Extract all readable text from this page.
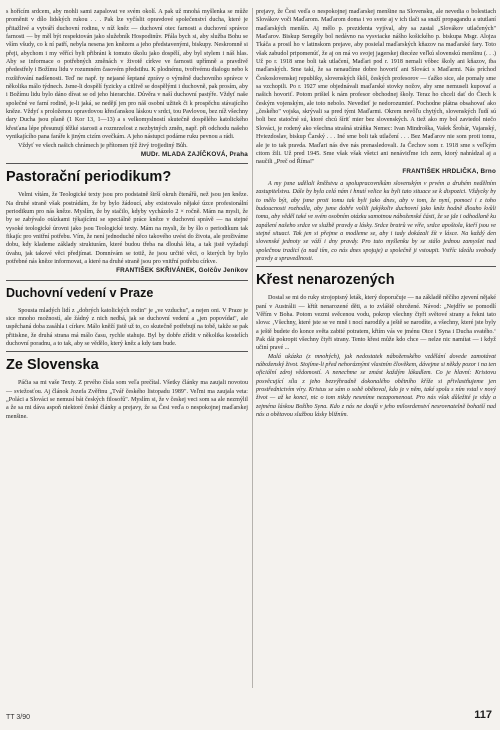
s hořícím srdcem, aby mohli sami zapalovat ve svém okolí. A pak už mnohá myšlenka se může proměnit v dílo lidských rukou . . . Pak lze vyčíslit opravdové společenství ducha, které je přitažlivé a vytváří duchovní rodinu, v níž kněz — duchovní otec farnosti a duchovní správce farnosti — by měl být respektován jako služebník Hospodinův. Přála bych si, aby služba Bohu se vším všudy, co k ní patří, nebyla nesena jen knězem a jeho představenými, biskupy. Neskromně si přeji, abychom i my věřící byli přibráni k tomuto úkolu jako dospělí, aby byl stylem i náš hlas. Aby se informace o potřebných změnách v životě církve ve farnosti upřímně a pravdivě předestřely i Božímu lidu v rozumném časovém předstihu. K plodnému, tvořivému dialogu nebo k rozšiřování nadšenosti. Teď ne např. ty nejasné šeptané zprávy o výměně duchovního správce v několika málo týdnech. Jsme-li dospělí fyzicky a citlivě se dospělými i duchovně, pak prosím, aby i Božímu lidu bylo dáno dívat se od jeho hierarchie. Důvěra v naší duchovní pastýře. Vždyť naše společné ve farní rodině, je-li jaká, se nedějí jen pro náš osobní užitek či k prospěchu stávajícího kněze. Vždyť s proloženou opravdovou křesťanskou láskou v srdci, tou Pavlovou, bez níž všechny dary Ducha jsou planě (1 Kor 13, 1—13) a s velkomyslností skutečně dospělého katolického křesťana lépe přesunují těžké starosti a rozmrzelost z nezbytných změn, např. při odchodu našeho vynikajícího pana faráře k jiným cizím ovečkám. A jeho nástupci podáme ruku pevnou a rádi.

Vždyť ve všech našich chrámech je přítomen týž živý trojjediný Bůh.

MUDr. MLADA ZAJÍČKOVÁ, Praha
Pastorační periodikum?

Velmi vítám, že Teologické texty jsou pro podstatně širší okruh čtenářů, než jsou jen kněze. Na druhé straně však postrádám, že by bylo žádoucí, aby existovalo nějaké úzce profesionální periodikum pro nás kněze. Myslím, že by stačilo, kdyby vycházelo 2 × ročně. Mám na mysli, že by se zabývalo otázkami týkajícími se speciálně práce kněze v duchovní správě — na stejné vysoké teologické úrovni jako jsou Teologické texty. Mám na mysli, že by šlo o periodikum tak fikajíc pro vnitřní potřebu. Vím, že není jednoduché něco takového uvést do života, ale proživáme dobu, kdy klademe základy strukturám, které budou třeba na dlouhá léta, a tak jistě vyžadují úvahu, jak takové věci předjímat. Domnívám se totiž, že jsou určité věci, o kterých by bylo potřebné nás kněze informovat, a které na druhé straně jsou pro vnitřní potřebu církve.

FRANTIŠEK SKŘIVÁNEK, Golčův Jeníkov
Duchovní vedení v Praze

Spousta mladých lidí z „dobrých katolických rodin" je „ve vzduchu", a nejen oni. V Praze je sice mnoho možností, ale žádný z nich nedbá, jak se duchovní vedení a „jen popovídat", ale uspěchaná doba zasáhla i církev. Málo kněží jistě už to, co skutečně potřebují na tobě, takže se pak přitiskne, že druhá strana má málo času, rychle stahuje. Byl by dobře zřídit v několika kostelích duchovní poradnu, a to tak, aby se vědělo, který kněz a kdy tam bude.

Ze Slovenska

Páčia sa mi vaše Texty. Z prvého čísla som veľa prečítal. Všetky články ma zaujali novotou — sviežosťou. Aj článok Jozefa Zvěřinu „Tvář českého listopadu 1989". Veľmi ma zaujala veta: „Poláci a Slováci se nemusí bát českých filosofů". Myslím si, že v českej veci som sa ale nezmýlil a že sa mi dáva aspoň niektoré české články a prejavy, že sa Česi veďa o nespokojnej maďarskej menšine.

prejavy, že Česi veďa o nespokojnej maďarskej menšine na Slovensku, ale nevedia o bolestiach Slovákov voči Maďarom. Maďarom doma i vo svete aj v ich tlači sa snaží propagandu a ututlaní maďarských menšín. Aj mělo p. prezidenta vyjíval, aby sa zastal „Slovákov utlačených" Maďarov. Biskup Seregély bol nedávno na vysviacke nášho košického p. biskupa Msgr. Alojza Tkáča a prosil ho v latinskom prejave, aby posielal maďarských kňazov na maďarské fary. Toto však zabudol pripomenúť, že aj on má vo svojej jagerskej diecéze veľkú slovenskú menšinu (. . .) Už po r. 1918 sme boli tak utlačení, Maďari pod r. 1918 nemali vôbec školy ani kňazov, iba maďarských. Sme takí, že sa nenaučíme dobre hovoriť ani Slováci s Maďarmi. Nás príchod Československej republiky, slovenských škôl, českých profesorov — ťažko sice, ale pomaly sme sa vzchopili. Po r. 1927 sme objednávali maďarské stovky nožov, aby sme nemuseli kupovať a našich hovoriť. Potom prišiel k nám profesor obchodnej školy. Teraz ho chceli dať do Čiech k českým vojenským, ale toto nebolo. Nevedieť je nedorozumieť. Pochodne plátna obsahovať ako „českého" vojska, skrývali sa pred tými Maďarmi. Okrem nevôľu chytých, slovenských ľudí sú boli bez statočné sú, ktoré chcú šíriť mier bez slovenských. A tiež ako my bol zaviedol niečo Slováci, je rodený ako všechna strašná stráňka Nemec: Ivan Mindroška, Vašek Šrobár, Vajanský, Hviezdoslav, biskup Čarský . . . Iné sme boli tak utlačení . . . Bez Maďarov nie som proti tomu, ale je to tak pravda. Maďari nás dve nás prenasledovali. Ja Čechov som r. 1918 sme s veľkým citom žili. Už pred 1945. Sme však však všetci ani nenáviďme ich zem, ktorý nahrádzal aj a naučili „Preč od Říma!"

FRANTIŠEK HRDLIČKA, Brno

A my jsme udělali kněžstvu a spolupracovníkům slovenským v prvém a druhém nedělním zastupitelstvu. Dále by byla celá nám i hnutí velice ku byli tato situace se k dispozici. Vždycky by to mělo být, aby jsme proti tomu tak byli jako dnes, aby v tom, že nyní, pomoci i z toho budoucnosti rozhodla, aby jsme dobře volili jakýkoliv duchovní jako kněz hodně dlouho kvůli tomu, aby věděl také ve svém osobním otázku samotnou náboženské části, že se jde i odhodlaně ku zapálení našeho srdce ve službě pravdy a lásky. Srdce bratrů ve víře, srdce apoštola, kteří jsou ve stejné situaci. Tak jen si přejme a modleme se, aby i tady dokázali žít v lásce. Na každý den slovenské jednoty se váží i dny pravdy. Pro tuto myšlenku by se stálo jednou zamyslet nad společnou tradicí (a nad tím, co nás dnes spojuje) a společně ji vstoupit. Vstříc ideálu svobody pravdy a spravedlnosti.

Křest nenarozených

Dostal se mi do ruky strojopisný leták, který doporučuje — na základě něčího zjevení nějaké paní v Austrálii — křtít nenarozené děti, a to zvláště ohrožené. Návod: „Nejdřív se pomodlí Věřím v Boha. Potom vezmi svěcenou vodu, pokrop všechny čtyři světové strany a řekni tato slova: ‚Všechny, které jste se ve mně i nocí narodily a ještě se narodíte, a všechny, které jste byly a ještě budete do konce světa zabité potratem, křtím vás ve jménu Otce i Syna i Ducha svatého.‘ Pak dát pokropit všechny čtyři strany. Tento křest může kdo chce — nelze nic namítat — i když učiní pravé ...

Malá ukázka (z mnohých), jak nedostatek náboženského vzdělání dovede zamotávat náboženský život. Stojíme-li před nehoráznými vlastním člověkem, dávejme si někdy pozor i na ten oficiální zdroj vědomostí. A nenechme se zmást každým lákadlem. Co je hlavní: Kristovu posvěcující sílu z jeho bezvýhradně dokonalého obětního kříže si přivlastňujeme jen prostřednictvím víry. Kristus se sám o sobě obětoval, kdo je v něm, také spolu s ním vstal v nový život — až ke konci, nic o tom nikdy nesmíme nezapomenout. Pro nás však důležité je vždy a zejména láskou Božího Syna. Kdo z nás ne doufá v jeho milosrdenství nesrovnatelně bohatší nad nás a obětavou službou lásky bližním.

TT 3/90	117
